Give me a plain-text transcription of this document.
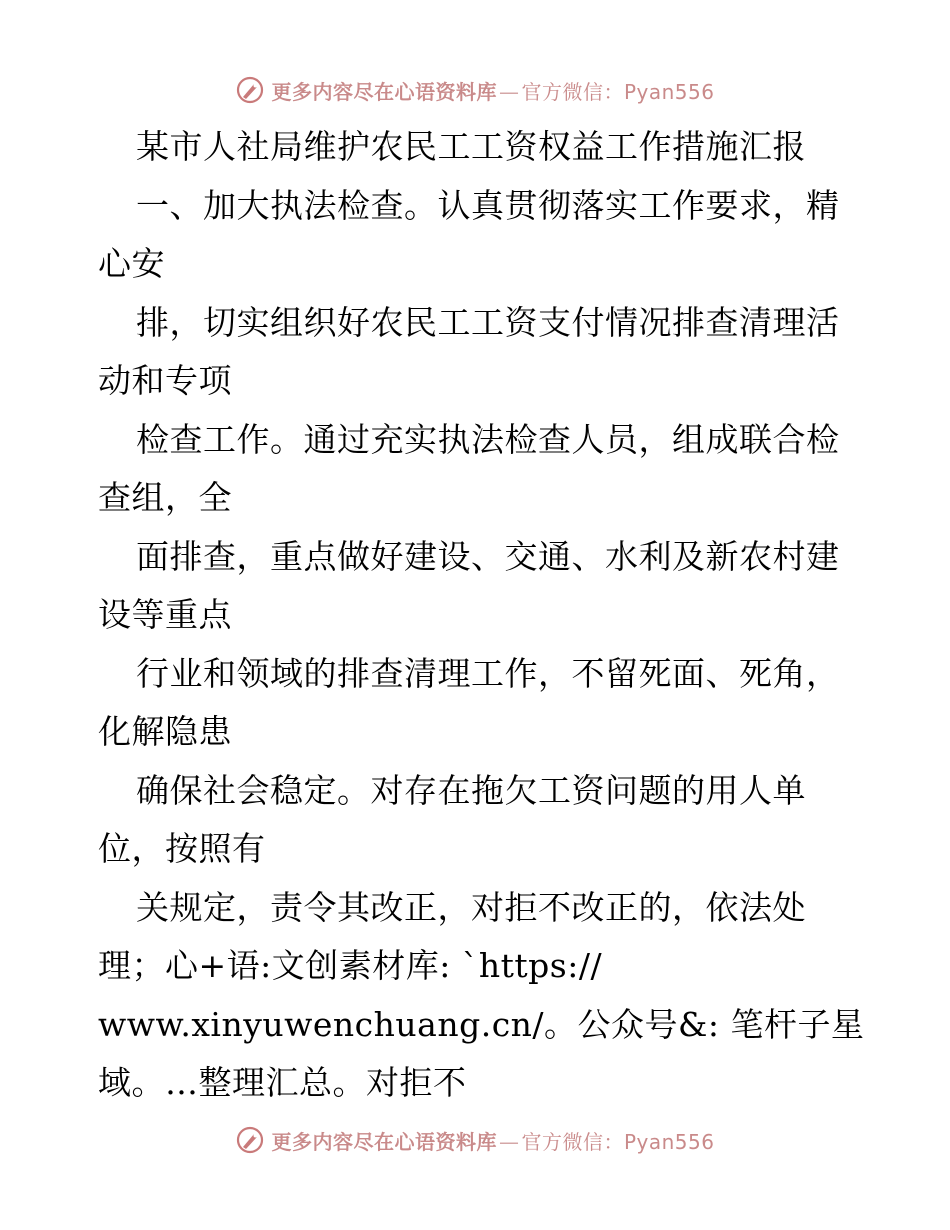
更多内容尽在心语资料库 — 官方微信：Pyan556
某市人社局维护农民工工资权益工作措施汇报
一、加大执法检查。认真贯彻落实工作要求，精
心安
排，切实组织好农民工工资支付情况排查清理活
动和专项
检查工作。通过充实执法检查人员，组成联合检
查组，全
面排查，重点做好建设、交通、水利及新农村建
设等重点
行业和领域的排查清理工作，不留死面、死角，
化解隐患
确保社会稳定。对存在拖欠工资问题的用人单
位，按照有
关规定，责令其改正，对拒不改正的，依法处
理；心+语:文创素材库: `https://
www.xinyuwenchuang.cn/。公众号&: 笔杆子星
域。…整理汇总。对拒不
更多内容尽在心语资料库 — 官方微信：Pyan556
